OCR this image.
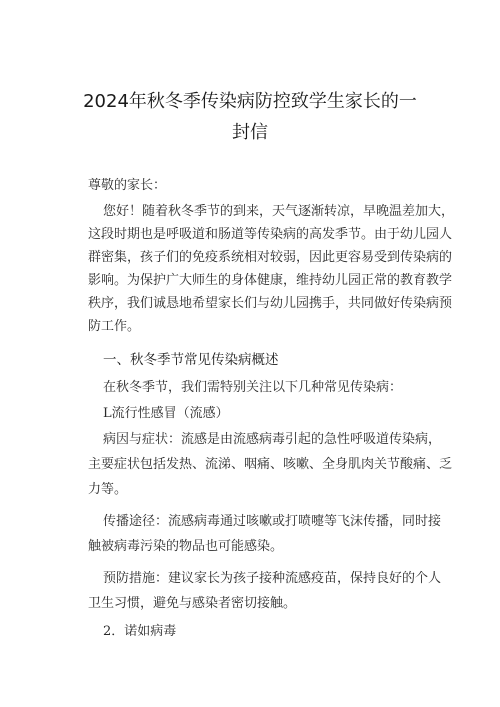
2024年秋冬季传染病防控致学生家长的一
封信
尊敬的家长：
您好！随着秋冬季节的到来，天气逐渐转凉，早晚温差加大，
这段时期也是呼吸道和肠道等传染病的高发季节。由于幼儿园人
群密集，孩子们的免疫系统相对较弱，因此更容易受到传染病的
影响。为保护广大师生的身体健康，维持幼儿园正常的教育教学
秩序，我们诚恳地希望家长们与幼儿园携手，共同做好传染病预
防工作。
一、秋冬季节常见传染病概述
在秋冬季节，我们需特别关注以下几种常见传染病：
L流行性感冒（流感）
病因与症状：流感是由流感病毒引起的急性呼吸道传染病，
主要症状包括发热、流涕、咽痛、咳嗽、全身肌肉关节酸痛、乏
力等。
传播途径：流感病毒通过咳嗽或打喷嚏等飞沫传播，同时接
触被病毒污染的物品也可能感染。
预防措施：建议家长为孩子接种流感疫苗，保持良好的个人
卫生习惯，避免与感染者密切接触。
2．诺如病毒
